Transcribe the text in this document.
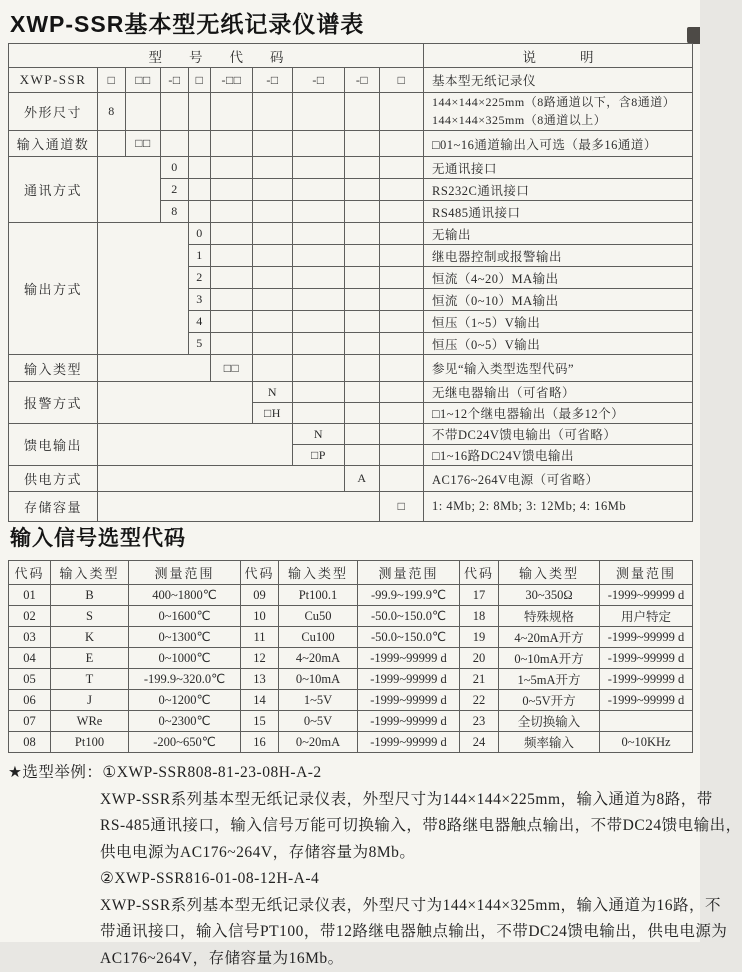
XWP-SSR基本型无纸记录仪谱表
型号代码										说明
XWP-SSR	□	□□	-□	□	-□□	-□	-□	-□	□	基本型无纸记录仪
外形尺寸	8									144×144×225mm（8路通道以下，含8通道）
144×144×325mm（8通道以上）

输入通道数		□□								□01~16通道输出入可选（最多16通道）
通讯方式			0							无通讯接口
			2							RS232C通讯接口
			8							RS485通讯接口
输出方式				0						无输出
				1						继电器控制或报警输出
				2						恒流（4~20）MA输出
				3						恒流（0~10）MA输出
				4						恒压（1~5）V输出
				5						恒压（0~5）V输出
输入类型					□□					参见“输入类型选型代码”
报警方式						N				无继电器输出（可省略）
						□H				□1~12个继电器输出（最多12个）
馈电输出							N			不带DC24V馈电输出（可省略）
							□P			□1~16路DC24V馈电输出
供电方式								A		AC176~264V电源（可省略）
存储容量									□	1: 4Mb; 2: 8Mb; 3: 12Mb; 4: 16Mb
输入信号选型代码
代码	输入类型	测量范围	代码	输入类型	测量范围	代码	输入类型	测量范围
01	B	400~1800℃	09	Pt100.1	-99.9~199.9℃	17	30~350Ω	-1999~99999 d
02	S	0~1600℃	10	Cu50	-50.0~150.0℃	18	特殊规格	用户特定
03	K	0~1300℃	11	Cu100	-50.0~150.0℃	19	4~20mA开方	-1999~99999 d
04	E	0~1000℃	12	4~20mA	-1999~99999 d	20	0~10mA开方	-1999~99999 d
05	T	-199.9~320.0℃	13	0~10mA	-1999~99999 d	21	1~5mA开方	-1999~99999 d
06	J	0~1200℃	14	1~5V	-1999~99999 d	22	0~5V开方	-1999~99999 d
07	WRe	0~2300℃	15	0~5V	-1999~99999 d	23	全切换输入	
08	Pt100	-200~650℃	16	0~20mA	-1999~99999 d	24	频率输入	0~10KHz
★选型举例：①XWP-SSR808-81-23-08H-A-2
XWP-SSR系列基本型无纸记录仪表，外型尺寸为144×144×225mm，输入通道为8路，带
RS-485通讯接口，输入信号万能可切换输入，带8路继电器触点输出，不带DC24馈电输出，
供电电源为AC176~264V，存储容量为8Mb。
②XWP-SSR816-01-08-12H-A-4
XWP-SSR系列基本型无纸记录仪表，外型尺寸为144×144×325mm，输入通道为16路，不
带通讯接口，输入信号PT100，带12路继电器触点输出，不带DC24馈电输出，供电电源为
AC176~264V，存储容量为16Mb。
